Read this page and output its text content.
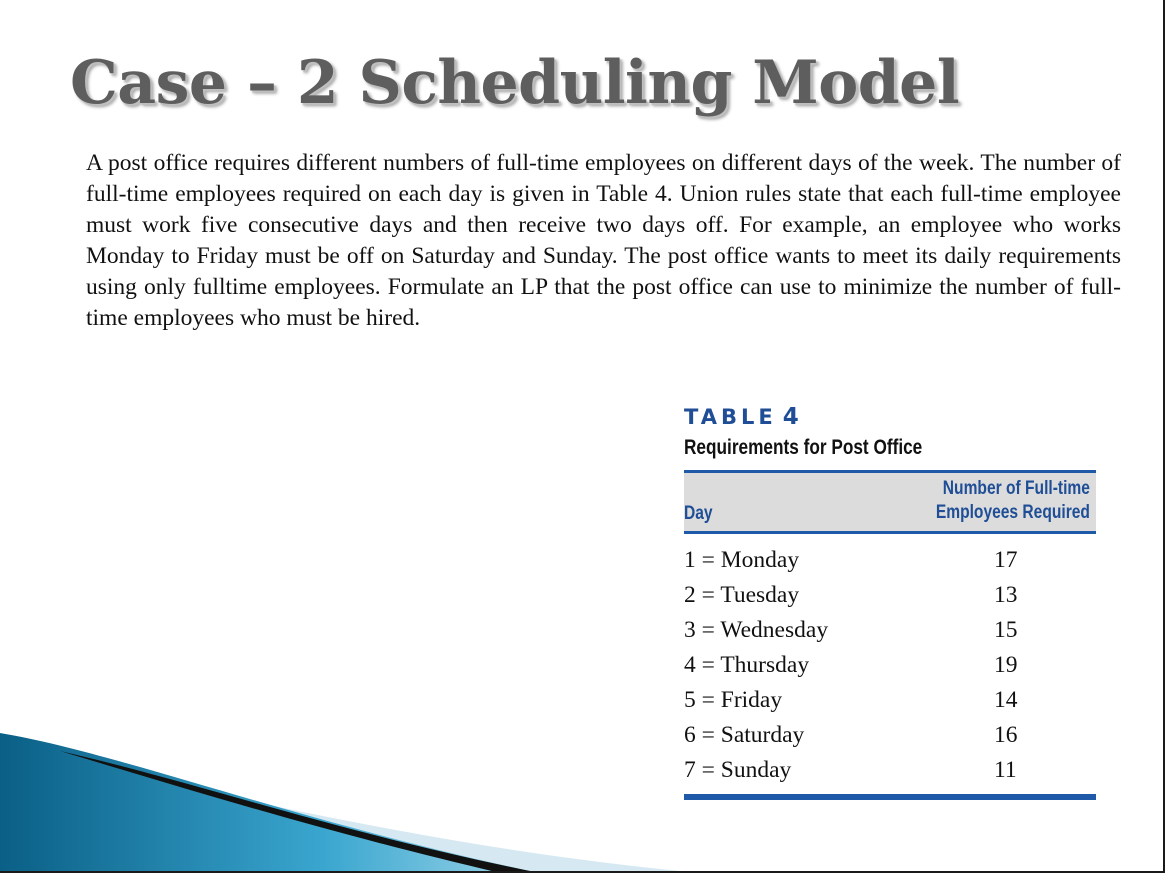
Case – 2 Scheduling Model

A post office requires different numbers of full-time employees on different days of the week. The number of full-time employees required on each day is given in Table 4. Union rules state that each full-time employee must work five consecutive days and then receive two days off. For example, an employee who works Monday to Friday must be off on Saturday and Sunday. The post office wants to meet its daily requirements using only fulltime employees. Formulate an LP that the post office can use to minimize the number of full-time employees who must be hired.

TABLE 4
Requirements for Post Office
Day
Number of Full-time
Employees Required
1 = Monday	17
2 = Tuesday	13
3 = Wednesday	15
4 = Thursday	19
5 = Friday	14
6 = Saturday	16
7 = Sunday	11
